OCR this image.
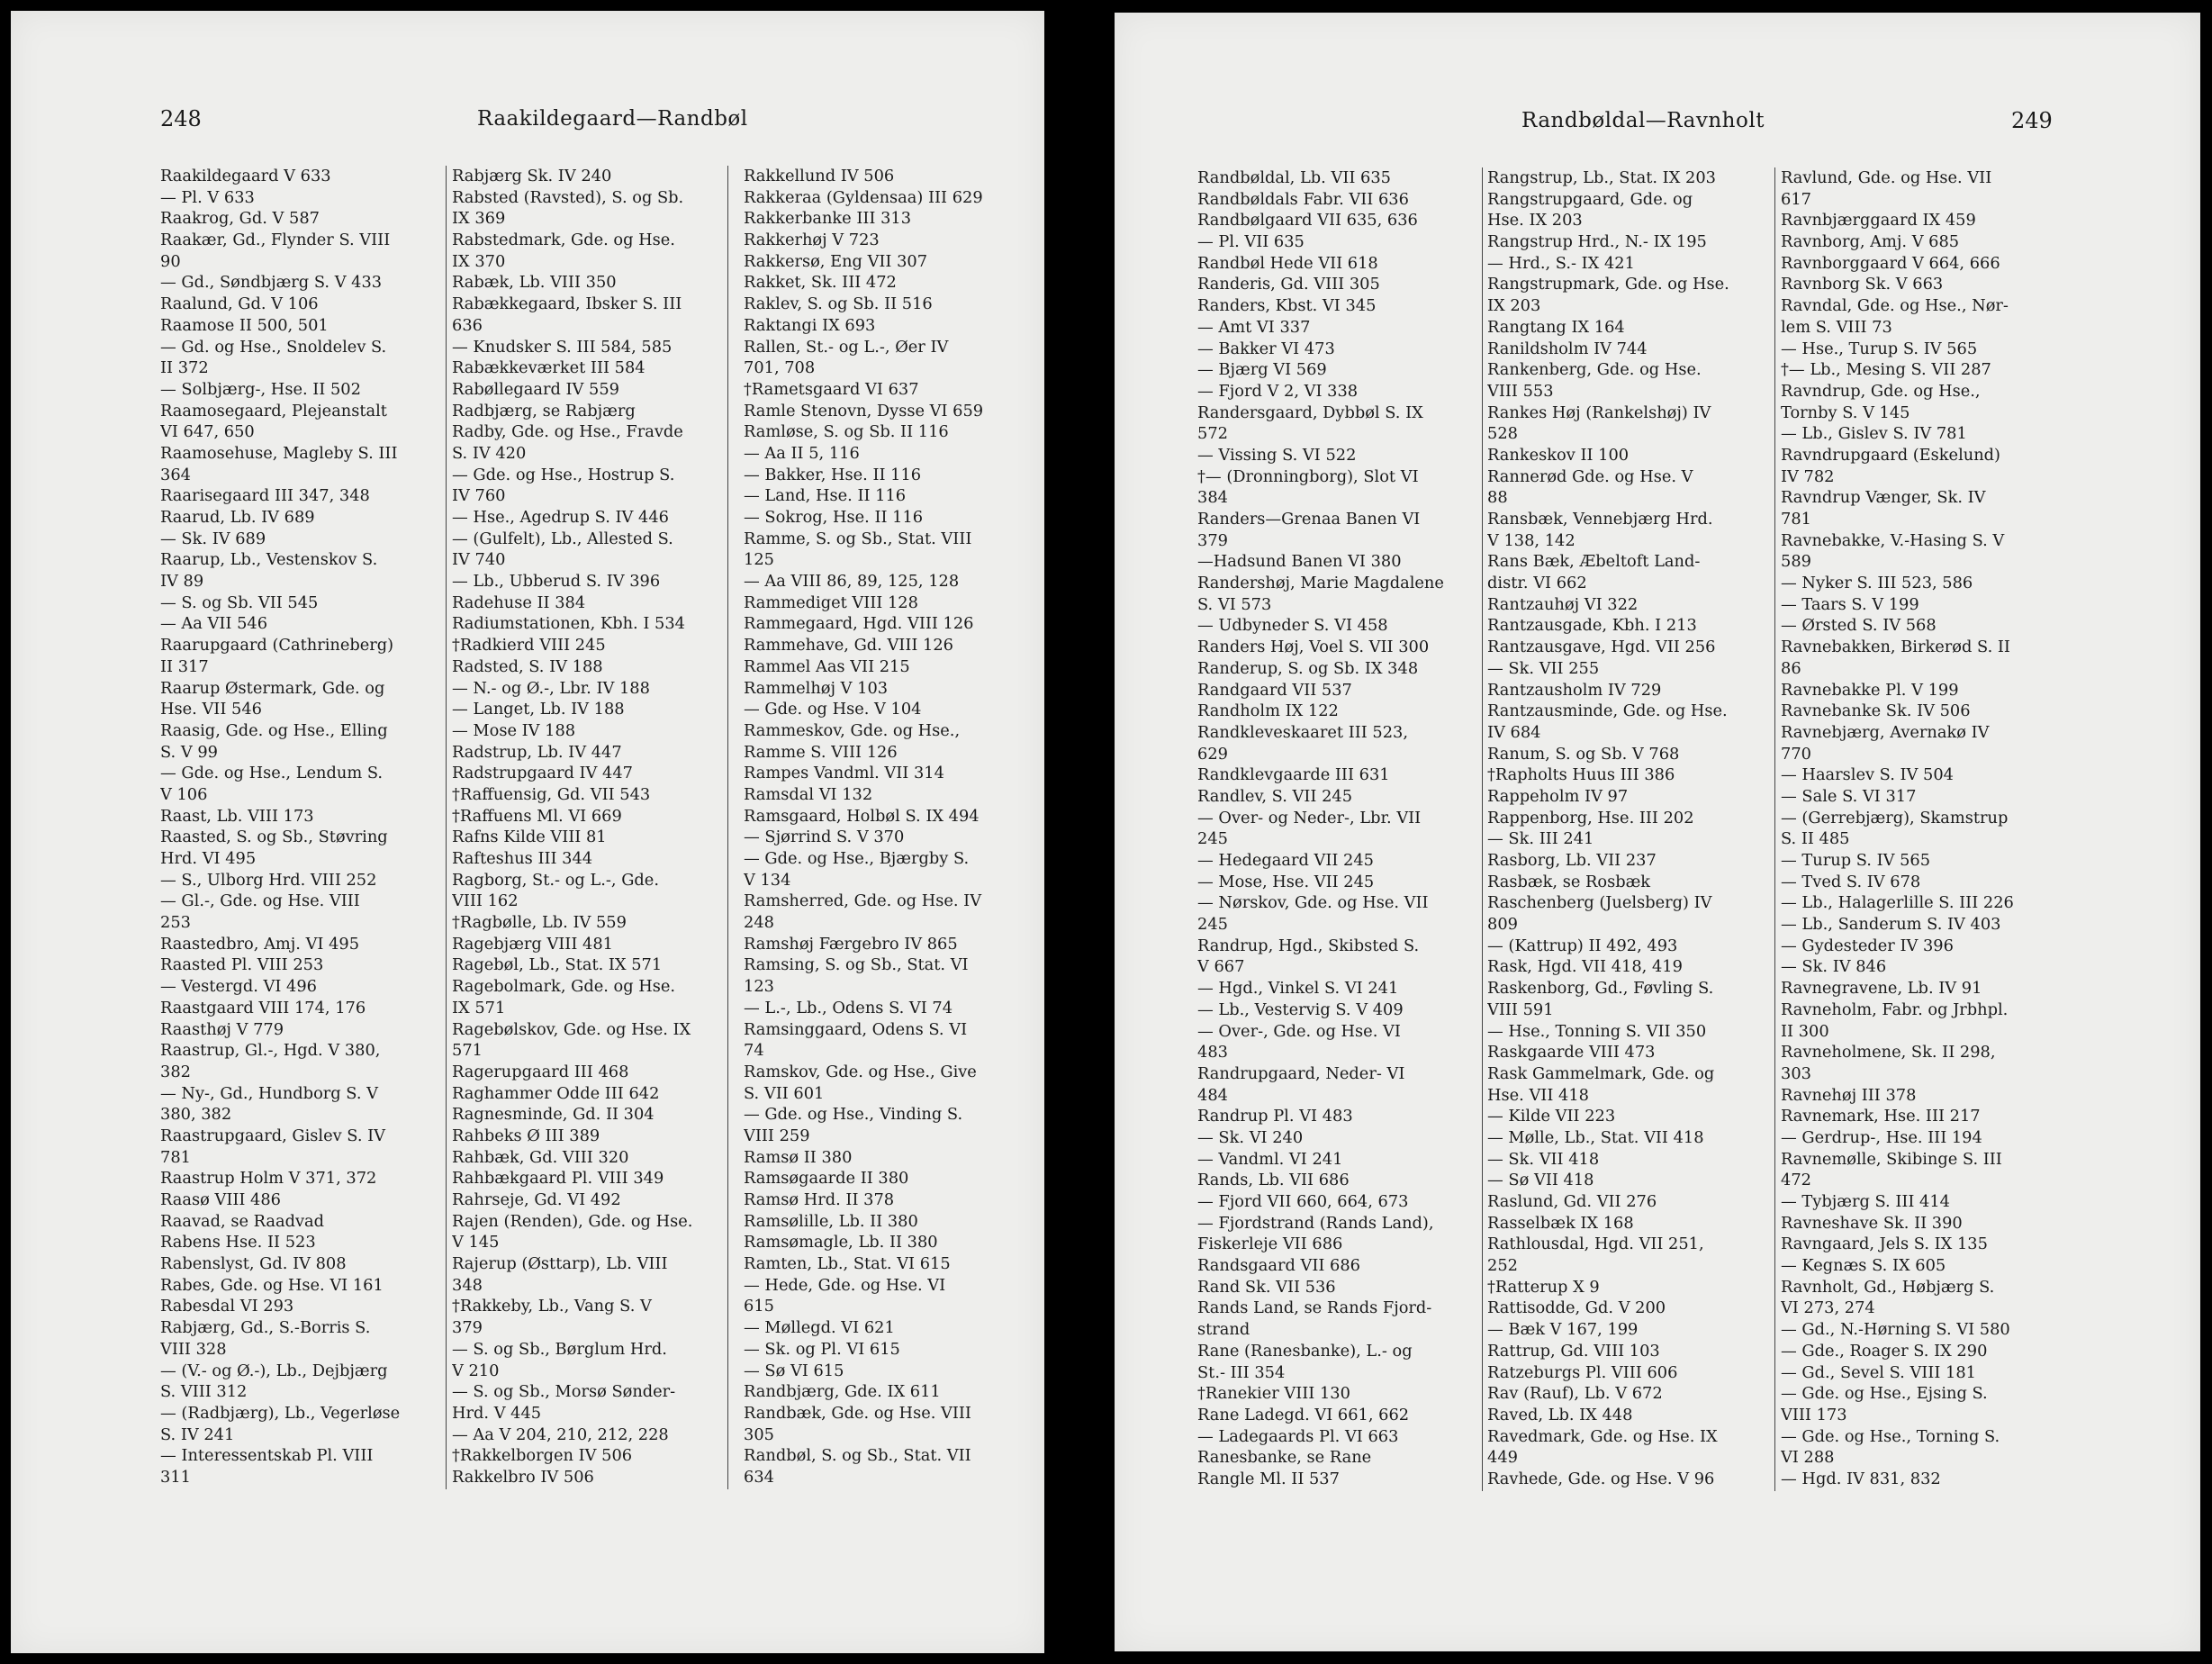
248	Raakildegaard—Randbøl
Raakildegaard V 633
— Pl. V 633
Raakrog, Gd. V 587
Raakær, Gd., Flynder S. VIII
90
— Gd., Søndbjærg S. V 433
Raalund, Gd. V 106
Raamose II 500, 501
— Gd. og Hse., Snoldelev S.
II 372
— Solbjærg-, Hse. II 502
Raamosegaard, Plejeanstalt
VI 647, 650
Raamosehuse, Magleby S. III
364
Raarisegaard III 347, 348
Raarud, Lb. IV 689
— Sk. IV 689
Raarup, Lb., Vestenskov S.
IV 89
— S. og Sb. VII 545
— Aa VII 546
Raarupgaard (Cathrineberg)
II 317
Raarup Østermark, Gde. og
Hse. VII 546
Raasig, Gde. og Hse., Elling
S. V 99
— Gde. og Hse., Lendum S.
V 106
Raast, Lb. VIII 173
Raasted, S. og Sb., Støvring
Hrd. VI 495
— S., Ulborg Hrd. VIII 252
— Gl.-, Gde. og Hse. VIII
253
Raastedbro, Amj. VI 495
Raasted Pl. VIII 253
— Vestergd. VI 496
Raastgaard VIII 174, 176
Raasthøj V 779
Raastrup, Gl.-, Hgd. V 380,
382
— Ny-, Gd., Hundborg S. V
380, 382
Raastrupgaard, Gislev S. IV
781
Raastrup Holm V 371, 372
Raasø VIII 486
Raavad, se Raadvad
Rabens Hse. II 523
Rabenslyst, Gd. IV 808
Rabes, Gde. og Hse. VI 161
Rabesdal VI 293
Rabjærg, Gd., S.-Borris S.
VIII 328
— (V.- og Ø.-), Lb., Dejbjærg
S. VIII 312
— (Radbjærg), Lb., Vegerløse
S. IV 241
— Interessentskab Pl. VIII
311
Rabjærg Sk. IV 240
Rabsted (Ravsted), S. og Sb.
IX 369
Rabstedmark, Gde. og Hse.
IX 370
Rabæk, Lb. VIII 350
Rabækkegaard, Ibsker S. III
636
— Knudsker S. III 584, 585
Rabækkeværket III 584
Rabøllegaard IV 559
Radbjærg, se Rabjærg
Radby, Gde. og Hse., Fravde
S. IV 420
— Gde. og Hse., Hostrup S.
IV 760
— Hse., Agedrup S. IV 446
— (Gulfelt), Lb., Allested S.
IV 740
— Lb., Ubberud S. IV 396
Radehuse II 384
Radiumstationen, Kbh. I 534
†Radkierd VIII 245
Radsted, S. IV 188
— N.- og Ø.-, Lbr. IV 188
— Langet, Lb. IV 188
— Mose IV 188
Radstrup, Lb. IV 447
Radstrupgaard IV 447
†Raffuensig, Gd. VII 543
†Raffuens Ml. VI 669
Rafns Kilde VIII 81
Rafteshus III 344
Ragborg, St.- og L.-, Gde.
VIII 162
†Ragbølle, Lb. IV 559
Ragebjærg VIII 481
Ragebøl, Lb., Stat. IX 571
Ragebolmark, Gde. og Hse.
IX 571
Ragebølskov, Gde. og Hse. IX
571
Ragerupgaard III 468
Raghammer Odde III 642
Ragnesminde, Gd. II 304
Rahbeks Ø III 389
Rahbæk, Gd. VIII 320
Rahbækgaard Pl. VIII 349
Rahrseje, Gd. VI 492
Rajen (Renden), Gde. og Hse.
V 145
Rajerup (Østtarp), Lb. VIII
348
†Rakkeby, Lb., Vang S. V
379
— S. og Sb., Børglum Hrd.
V 210
— S. og Sb., Morsø Sønder-
Hrd. V 445
— Aa V 204, 210, 212, 228
†Rakkelborgen IV 506
Rakkelbro IV 506
Rakkellund IV 506
Rakkeraa (Gyldensaa) III 629
Rakkerbanke III 313
Rakkerhøj V 723
Rakkersø, Eng VII 307
Rakket, Sk. III 472
Raklev, S. og Sb. II 516
Raktangi IX 693
Rallen, St.- og L.-, Øer IV
701, 708
†Rametsgaard VI 637
Ramle Stenovn, Dysse VI 659
Ramløse, S. og Sb. II 116
— Aa II 5, 116
— Bakker, Hse. II 116
— Land, Hse. II 116
— Sokrog, Hse. II 116
Ramme, S. og Sb., Stat. VIII
125
— Aa VIII 86, 89, 125, 128
Rammediget VIII 128
Rammegaard, Hgd. VIII 126
Rammehave, Gd. VIII 126
Rammel Aas VII 215
Rammelhøj V 103
— Gde. og Hse. V 104
Rammeskov, Gde. og Hse.,
Ramme S. VIII 126
Rampes Vandml. VII 314
Ramsdal VI 132
Ramsgaard, Holbøl S. IX 494
— Sjørrind S. V 370
— Gde. og Hse., Bjærgby S.
V 134
Ramsherred, Gde. og Hse. IV
248
Ramshøj Færgebro IV 865
Ramsing, S. og Sb., Stat. VI
123
— L.-, Lb., Odens S. VI 74
Ramsinggaard, Odens S. VI
74
Ramskov, Gde. og Hse., Give
S. VII 601
— Gde. og Hse., Vinding S.
VIII 259
Ramsø II 380
Ramsøgaarde II 380
Ramsø Hrd. II 378
Ramsølille, Lb. II 380
Ramsømagle, Lb. II 380
Ramten, Lb., Stat. VI 615
— Hede, Gde. og Hse. VI
615
— Møllegd. VI 621
— Sk. og Pl. VI 615
— Sø VI 615
Randbjærg, Gde. IX 611
Randbæk, Gde. og Hse. VIII
305
Randbøl, S. og Sb., Stat. VII
634
Randbøldal—Ravnholt	249
Randbøldal, Lb. VII 635
Randbøldals Fabr. VII 636
Randbølgaard VII 635, 636
— Pl. VII 635
Randbøl Hede VII 618
Randeris, Gd. VIII 305
Randers, Kbst. VI 345
— Amt VI 337
— Bakker VI 473
— Bjærg VI 569
— Fjord V 2, VI 338
Randersgaard, Dybbøl S. IX
572
— Vissing S. VI 522
†— (Dronningborg), Slot VI
384
Randers—Grenaa Banen VI
379
—Hadsund Banen VI 380
Randershøj, Marie Magdalene
S. VI 573
— Udbyneder S. VI 458
Randers Høj, Voel S. VII 300
Randerup, S. og Sb. IX 348
Randgaard VII 537
Randholm IX 122
Randkleveskaaret III 523,
629
Randklevgaarde III 631
Randlev, S. VII 245
— Over- og Neder-, Lbr. VII
245
— Hedegaard VII 245
— Mose, Hse. VII 245
— Nørskov, Gde. og Hse. VII
245
Randrup, Hgd., Skibsted S.
V 667
— Hgd., Vinkel S. VI 241
— Lb., Vestervig S. V 409
— Over-, Gde. og Hse. VI
483
Randrupgaard, Neder- VI
484
Randrup Pl. VI 483
— Sk. VI 240
— Vandml. VI 241
Rands, Lb. VII 686
— Fjord VII 660, 664, 673
— Fjordstrand (Rands Land),
Fiskerleje VII 686
Randsgaard VII 686
Rand Sk. VII 536
Rands Land, se Rands Fjord-
strand
Rane (Ranesbanke), L.- og
St.- III 354
†Ranekier VIII 130
Rane Ladegd. VI 661, 662
— Ladegaards Pl. VI 663
Ranesbanke, se Rane
Rangle Ml. II 537
Rangstrup, Lb., Stat. IX 203
Rangstrupgaard, Gde. og
Hse. IX 203
Rangstrup Hrd., N.- IX 195
— Hrd., S.- IX 421
Rangstrupmark, Gde. og Hse.
IX 203
Rangtang IX 164
Ranildsholm IV 744
Rankenberg, Gde. og Hse.
VIII 553
Rankes Høj (Rankelshøj) IV
528
Rankeskov II 100
Rannerød Gde. og Hse. V
88
Ransbæk, Vennebjærg Hrd.
V 138, 142
Rans Bæk, Æbeltoft Land-
distr. VI 662
Rantzauhøj VI 322
Rantzausgade, Kbh. I 213
Rantzausgave, Hgd. VII 256
— Sk. VII 255
Rantzausholm IV 729
Rantzausminde, Gde. og Hse.
IV 684
Ranum, S. og Sb. V 768
†Rapholts Huus III 386
Rappeholm IV 97
Rappenborg, Hse. III 202
— Sk. III 241
Rasborg, Lb. VII 237
Rasbæk, se Rosbæk
Raschenberg (Juelsberg) IV
809
— (Kattrup) II 492, 493
Rask, Hgd. VII 418, 419
Raskenborg, Gd., Føvling S.
VIII 591
— Hse., Tonning S. VII 350
Raskgaarde VIII 473
Rask Gammelmark, Gde. og
Hse. VII 418
— Kilde VII 223
— Mølle, Lb., Stat. VII 418
— Sk. VII 418
— Sø VII 418
Raslund, Gd. VII 276
Rasselbæk IX 168
Rathlousdal, Hgd. VII 251,
252
†Ratterup X 9
Rattisodde, Gd. V 200
— Bæk V 167, 199
Rattrup, Gd. VIII 103
Ratzeburgs Pl. VIII 606
Rav (Rauf), Lb. V 672
Raved, Lb. IX 448
Ravedmark, Gde. og Hse. IX
449
Ravhede, Gde. og Hse. V 96
Ravlund, Gde. og Hse. VII
617
Ravnbjærggaard IX 459
Ravnborg, Amj. V 685
Ravnborggaard V 664, 666
Ravnborg Sk. V 663
Ravndal, Gde. og Hse., Nør-
lem S. VIII 73
— Hse., Turup S. IV 565
†— Lb., Mesing S. VII 287
Ravndrup, Gde. og Hse.,
Tornby S. V 145
— Lb., Gislev S. IV 781
Ravndrupgaard (Eskelund)
IV 782
Ravndrup Vænger, Sk. IV
781
Ravnebakke, V.-Hasing S. V
589
— Nyker S. III 523, 586
— Taars S. V 199
— Ørsted S. IV 568
Ravnebakken, Birkerød S. II
86
Ravnebakke Pl. V 199
Ravnebanke Sk. IV 506
Ravnebjærg, Avernakø IV
770
— Haarslev S. IV 504
— Sale S. VI 317
— (Gerrebjærg), Skamstrup
S. II 485
— Turup S. IV 565
— Tved S. IV 678
— Lb., Halagerlille S. III 226
— Lb., Sanderum S. IV 403
— Gydesteder IV 396
— Sk. IV 846
Ravnegravene, Lb. IV 91
Ravneholm, Fabr. og Jrbhpl.
II 300
Ravneholmene, Sk. II 298,
303
Ravnehøj III 378
Ravnemark, Hse. III 217
— Gerdrup-, Hse. III 194
Ravnemølle, Skibinge S. III
472
— Tybjærg S. III 414
Ravneshave Sk. II 390
Ravngaard, Jels S. IX 135
— Kegnæs S. IX 605
Ravnholt, Gd., Høbjærg S.
VI 273, 274
— Gd., N.-Hørning S. VI 580
— Gde., Roager S. IX 290
— Gd., Sevel S. VIII 181
— Gde. og Hse., Ejsing S.
VIII 173
— Gde. og Hse., Torning S.
VI 288
— Hgd. IV 831, 832
